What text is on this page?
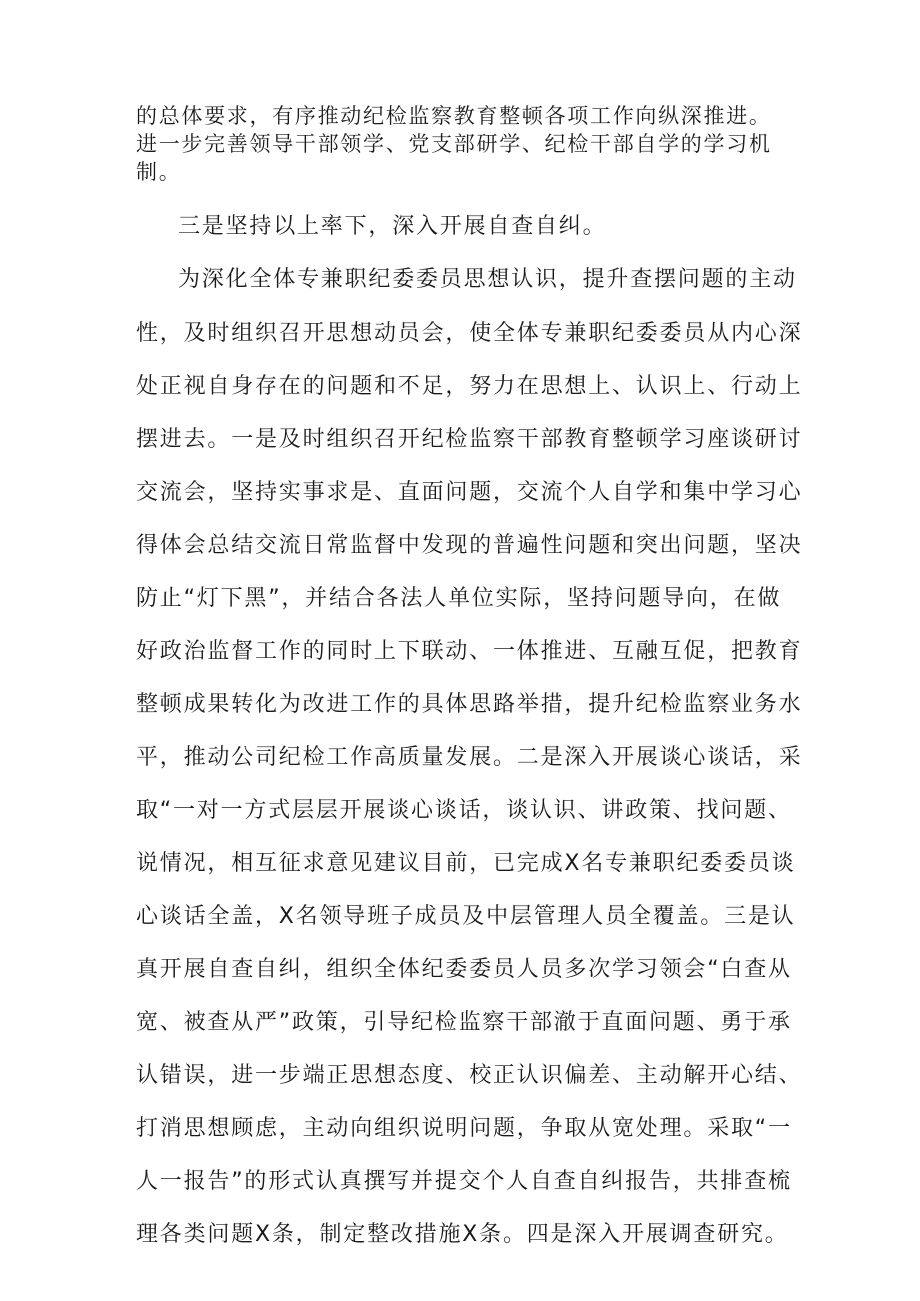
的总体要求，有序推动纪检监察教育整顿各项工作向纵深推进。
进一步完善领导干部领学、党支部研学、纪检干部自学的学习机
制。
三是坚持以上率下，深入开展自查自纠。
为深化全体专兼职纪委委员思想认识，提升查摆问题的主动
性，及时组织召开思想动员会，使全体专兼职纪委委员从内心深
处正视自身存在的问题和不足，努力在思想上、认识上、行动上
摆进去。一是及时组织召开纪检监察干部教育整顿学习座谈研讨
交流会，坚持实事求是、直面问题，交流个人自学和集中学习心
得体会总结交流日常监督中发现的普遍性问题和突出问题，坚决
防止“灯下黑”，并结合各法人单位实际，坚持问题导向，在做
好政治监督工作的同时上下联动、一体推进、互融互促，把教育
整顿成果转化为改进工作的具体思路举措，提升纪检监察业务水
平，推动公司纪检工作高质量发展。二是深入开展谈心谈话，采
取“一对一方式层层开展谈心谈话，谈认识、讲政策、找问题、
说情况，相互征求意见建议目前，已完成X名专兼职纪委委员谈
心谈话全盖，X名领导班子成员及中层管理人员全覆盖。三是认
真开展自查自纠，组织全体纪委委员人员多次学习领会“白查从
宽、被查从严”政策，引导纪检监察干部澈于直面问题、勇于承
认错误，进一步端正思想态度、校正认识偏差、主动解开心结、
打消思想顾虑，主动向组织说明问题，争取从宽处理。采取“一
人一报告”的形式认真撰写并提交个人自查自纠报告，共排查梳
理各类问题X条，制定整改措施X条。四是深入开展调查研究。
